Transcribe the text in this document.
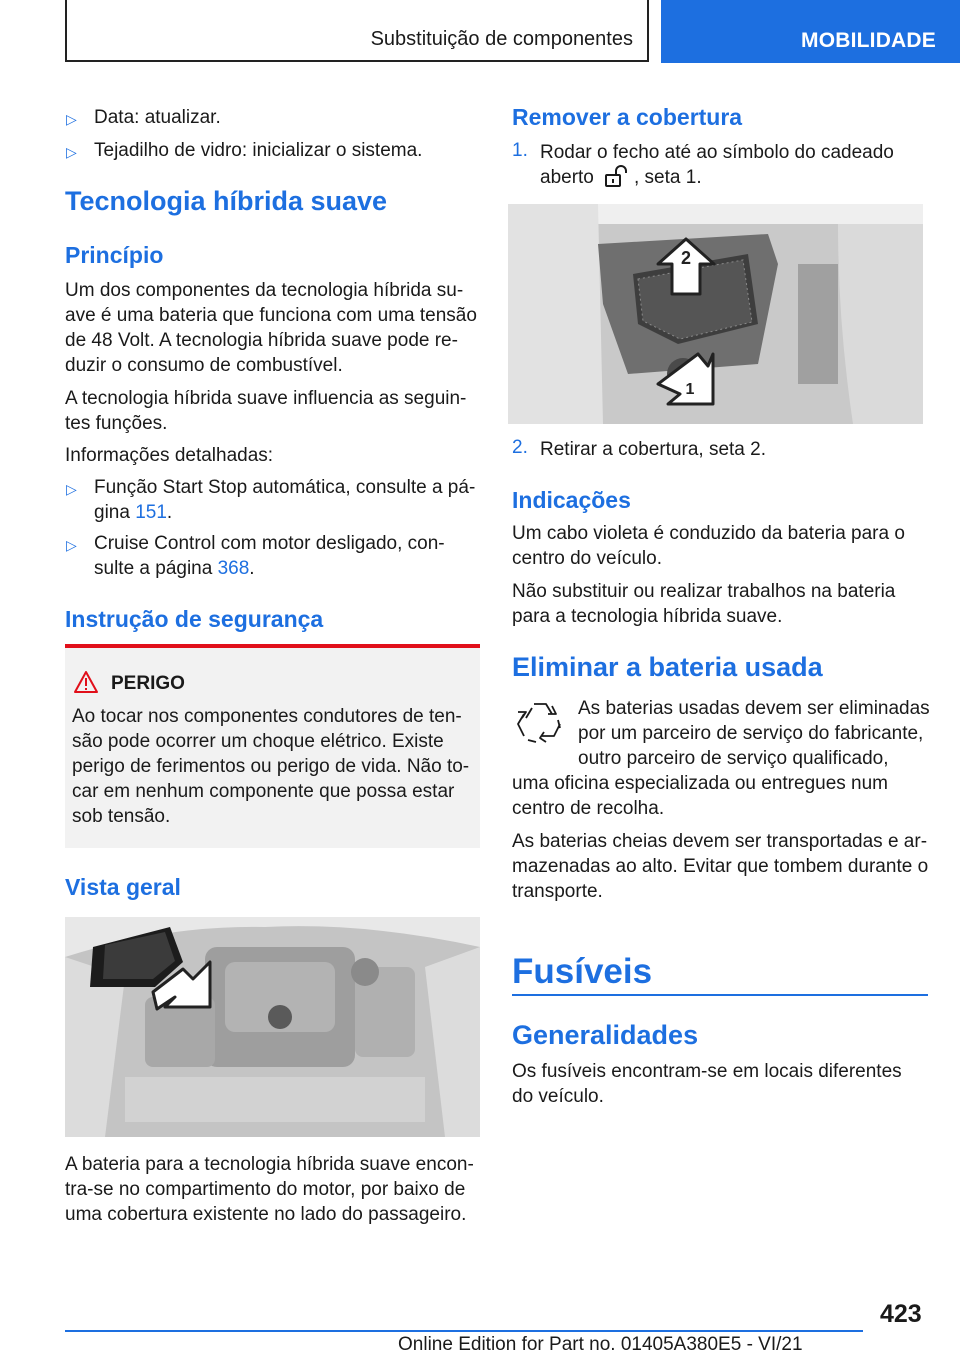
Substituição de componentes	MOBILIDADE
▷ Data: atualizar.
▷ Tejadilho de vidro: inicializar o sistema.
Tecnologia híbrida suave
Princípio
Um dos componentes da tecnologia híbrida su-
ave é uma bateria que funciona com uma tensão
de 48 Volt. A tecnologia híbrida suave pode re-
duzir o consumo de combustível.
A tecnologia híbrida suave influencia as seguin-
tes funções.
Informações detalhadas:
▷ Função Start Stop automática, consulte a pá-
gina 151.
▷ Cruise Control com motor desligado, con-
sulte a página 368.
Instrução de segurança
PERIGO
Ao tocar nos componentes condutores de ten-
são pode ocorrer um choque elétrico. Existe
perigo de ferimentos ou perigo de vida. Não to-
car em nenhum componente que possa estar
sob tensão.
Vista geral
A bateria para a tecnologia híbrida suave encon-
tra-se no compartimento do motor, por baixo de
uma cobertura existente no lado do passageiro.
Remover a cobertura
1. Rodar o fecho até ao símbolo do cadeado
aberto , seta 1.
2
1
2. Retirar a cobertura, seta 2.
Indicações
Um cabo violeta é conduzido da bateria para o
centro do veículo.
Não substituir ou realizar trabalhos na bateria
para a tecnologia híbrida suave.
Eliminar a bateria usada
As baterias usadas devem ser eliminadas
por um parceiro de serviço do fabricante,
outro parceiro de serviço qualificado,
uma oficina especializada ou entregues num
centro de recolha.
As baterias cheias devem ser transportadas e ar-
mazenadas ao alto. Evitar que tombem durante o
transporte.
Fusíveis
Generalidades
Os fusíveis encontram-se em locais diferentes
do veículo.
423
Online Edition for Part no. 01405A380E5 - VI/21
